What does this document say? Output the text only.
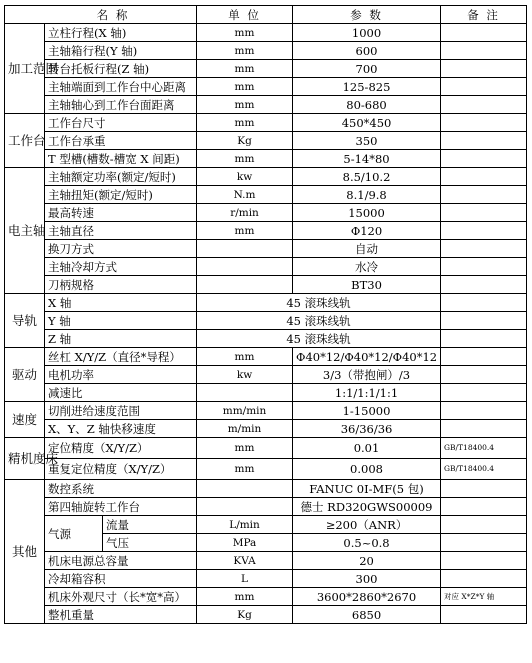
名 称			单 位	参 数	备 注
加工范围	立柱行程(X 轴)		mm	1000	
	主轴箱行程(Y 轴)		mm	600	
	转台托板行程(Z 轴)		mm	700	
	主轴端面到工作台中心距离		mm	125-825	
	主轴轴心到工作台面距离		mm	80-680	
工作台	工作台尺寸		mm	450*450	
	工作台承重		Kg	350	
	T 型槽(槽数-槽宽 X 间距)		mm	5-14*80	
电主轴	主轴额定功率(额定/短时)		kw	8.5/10.2	
	主轴扭矩(额定/短时)		N.m	8.1/9.8	
	最高转速		r/min	15000	
	主轴直径		mm	Φ120	
	换刀方式			自动	
	主轴冷却方式			水冷	
	刀柄规格			BT30	
导轨	X 轴		45 滚珠线轨		
	Y 轴		45 滚珠线轨		
	Z 轴		45 滚珠线轨		
驱动	丝杠 X/Y/Z（直径*导程）		mm	Φ40*12/Φ40*12/Φ40*12	
	电机功率		kw	3/3（带抱闸）/3	
	减速比			1:1/1:1/1:1	
速度	切削进给速度范围		mm/min	1-15000	
	X、Y、Z 轴快移速度		m/min	36/36/36	
精机度床	定位精度（X/Y/Z）		mm	0.01	GB/T18400.4
	重复定位精度（X/Y/Z）		mm	0.008	GB/T18400.4
其他	数控系统			FANUC 0I-MF(5 包)	
	第四轴旋转工作台			德士 RD320GWS00009	
	气源	流量	L/min	≥200（ANR）	
		气压	MPa	0.5~0.8	
	机床电源总容量		KVA	20	
	冷却箱容积		L	300	
	机床外观尺寸（长*宽*高）		mm	3600*2860*2670	对应 X*Z*Y 轴
	整机重量		Kg	6850	
